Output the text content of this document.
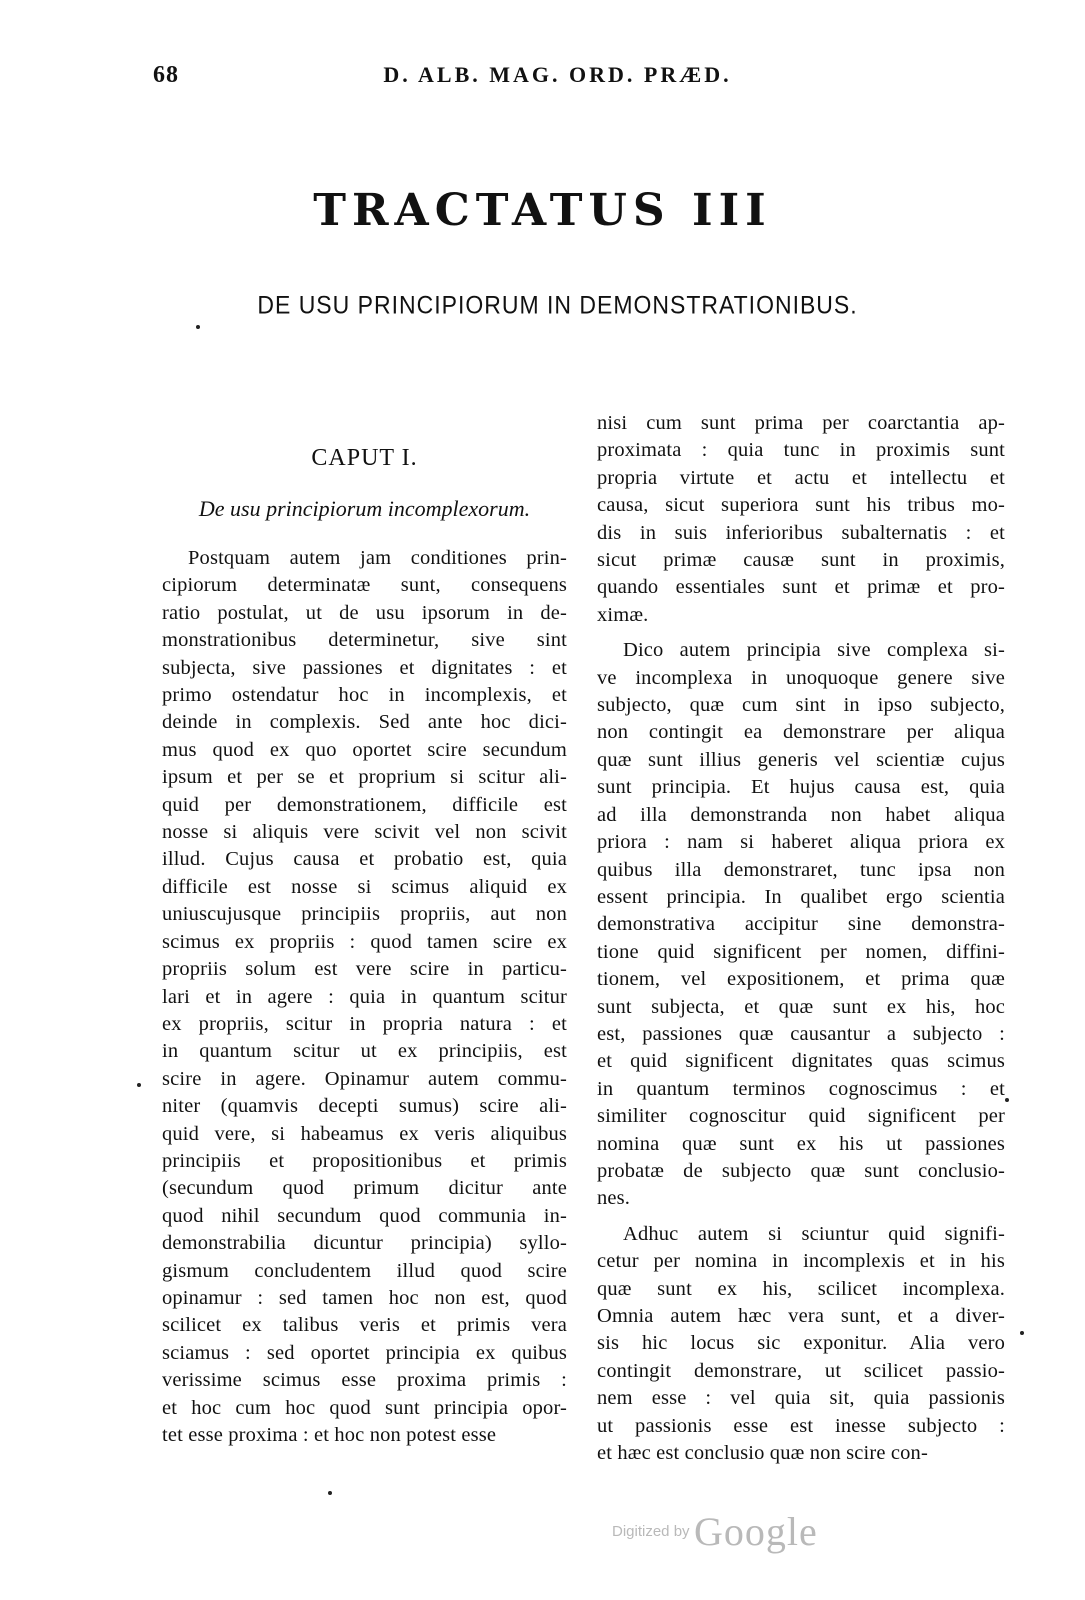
68	D. ALB. MAG. ORD. PRÆD.
TRACTATUS III
DE USU PRINCIPIORUM IN DEMONSTRATIONIBUS.
CAPUT I.
De usu principiorum incomplexorum.
Postquam autem jam conditiones prin-
cipiorum determinatæ sunt, consequens
ratio postulat, ut de usu ipsorum in de-
monstrationibus determinetur, sive sint
subjecta, sive passiones et dignitates : et
primo ostendatur hoc in incomplexis, et
deinde in complexis. Sed ante hoc dici-
mus quod ex quo oportet scire secundum
ipsum et per se et proprium si scitur ali-
quid per demonstrationem, difficile est
nosse si aliquis vere scivit vel non scivit
illud. Cujus causa et probatio est, quia
difficile est nosse si scimus aliquid ex
uniuscujusque principiis propriis, aut non
scimus ex propriis : quod tamen scire ex
propriis solum est vere scire in particu-
lari et in agere : quia in quantum scitur
ex propriis, scitur in propria natura : et
in quantum scitur ut ex principiis, est
scire in agere. Opinamur autem commu-
niter (quamvis decepti sumus) scire ali-
quid vere, si habeamus ex veris aliquibus
principiis et propositionibus et primis
(secundum quod primum dicitur ante
quod nihil secundum quod communia in-
demonstrabilia dicuntur principia) syllo-
gismum concludentem illud quod scire
opinamur : sed tamen hoc non est, quod
scilicet ex talibus veris et primis vera
sciamus : sed oportet principia ex quibus
verissime scimus esse proxima primis :
et hoc cum hoc quod sunt principia opor-
tet esse proxima : et hoc non potest esse
nisi cum sunt prima per coarctantia ap-
proximata : quia tunc in proximis sunt
propria virtute et actu et intellectu et
causa, sicut superiora sunt his tribus mo-
dis in suis inferioribus subalternatis : et
sicut primæ causæ sunt in proximis,
quando essentiales sunt et primæ et pro-
ximæ.
Dico autem principia sive complexa si-
ve incomplexa in unoquoque genere sive
subjecto, quæ cum sint in ipso subjecto,
non contingit ea demonstrare per aliqua
quæ sunt illius generis vel scientiæ cujus
sunt principia. Et hujus causa est, quia
ad illa demonstranda non habet aliqua
priora : nam si haberet aliqua priora ex
quibus illa demonstraret, tunc ipsa non
essent principia. In qualibet ergo scientia
demonstrativa accipitur sine demonstra-
tione quid significent per nomen, diffini-
tionem, vel expositionem, et prima quæ
sunt subjecta, et quæ sunt ex his, hoc
est, passiones quæ causantur a subjecto :
et quid significent dignitates quas scimus
in quantum terminos cognoscimus : et
similiter cognoscitur quid significent per
nomina quæ sunt ex his ut passiones
probatæ de subjecto quæ sunt conclusio-
nes.
Adhuc autem si sciuntur quid signifi-
cetur per nomina in incomplexis et in his
quæ sunt ex his, scilicet incomplexa.
Omnia autem hæc vera sunt, et a diver-
sis hic locus sic exponitur. Alia vero
contingit demonstrare, ut scilicet passio-
nem esse : vel quia sit, quia passionis
ut passionis esse est inesse subjecto :
et hæc est conclusio quæ non scire con-
Digitized by Google
